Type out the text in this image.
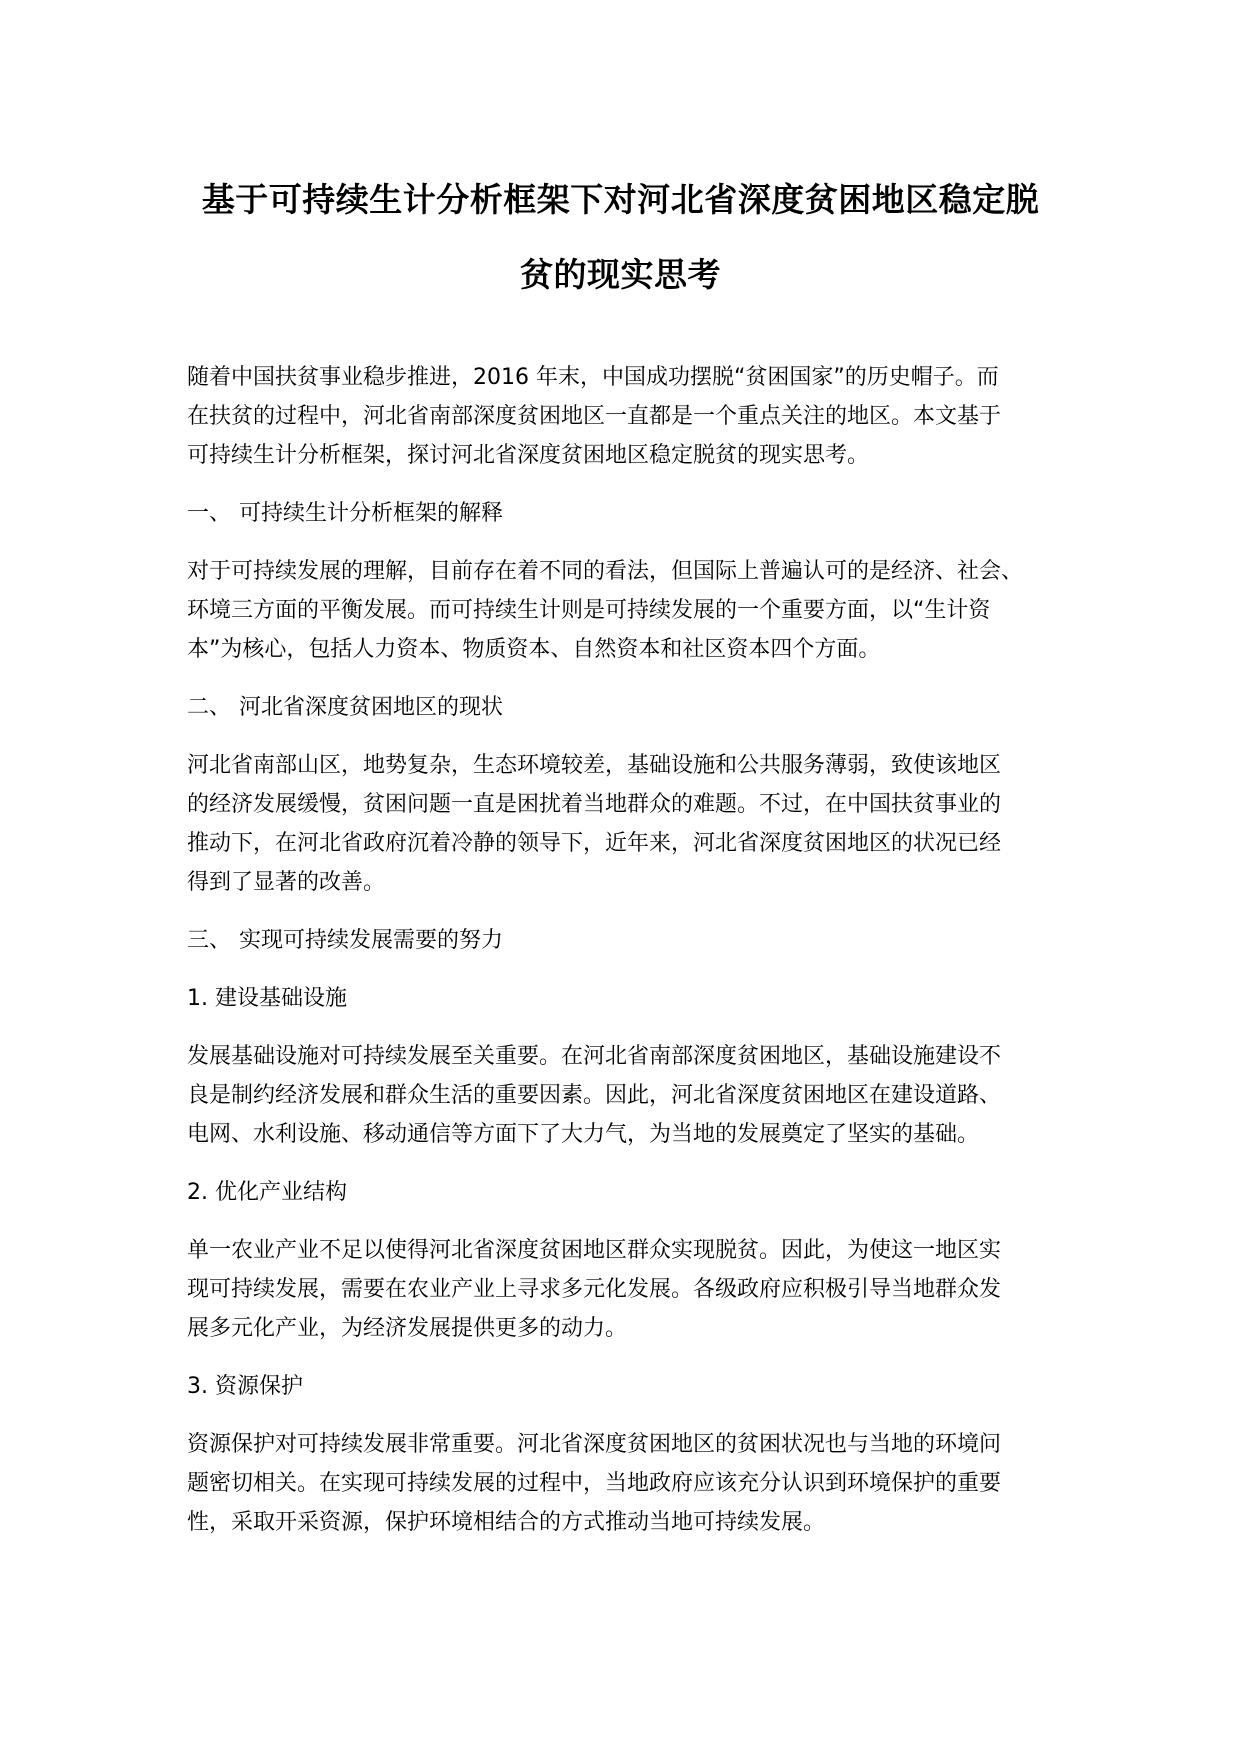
基于可持续生计分析框架下对河北省深度贫困地区稳定脱
贫的现实思考

随着中国扶贫事业稳步推进，2016 年末，中国成功摆脱“贫困国家”的历史帽子。而
在扶贫的过程中，河北省南部深度贫困地区一直都是一个重点关注的地区。本文基于
可持续生计分析框架，探讨河北省深度贫困地区稳定脱贫的现实思考。

一、 可持续生计分析框架的解释

对于可持续发展的理解，目前存在着不同的看法，但国际上普遍认可的是经济、社会、
环境三方面的平衡发展。而可持续生计则是可持续发展的一个重要方面，以“生计资
本”为核心，包括人力资本、物质资本、自然资本和社区资本四个方面。

二、 河北省深度贫困地区的现状

河北省南部山区，地势复杂，生态环境较差，基础设施和公共服务薄弱，致使该地区
的经济发展缓慢，贫困问题一直是困扰着当地群众的难题。不过，在中国扶贫事业的
推动下，在河北省政府沉着冷静的领导下，近年来，河北省深度贫困地区的状况已经
得到了显著的改善。

三、 实现可持续发展需要的努力
1. 建设基础设施

发展基础设施对可持续发展至关重要。在河北省南部深度贫困地区，基础设施建设不
良是制约经济发展和群众生活的重要因素。因此，河北省深度贫困地区在建设道路、
电网、水利设施、移动通信等方面下了大力气，为当地的发展奠定了坚实的基础。

2. 优化产业结构

单一农业产业不足以使得河北省深度贫困地区群众实现脱贫。因此，为使这一地区实
现可持续发展，需要在农业产业上寻求多元化发展。各级政府应积极引导当地群众发
展多元化产业，为经济发展提供更多的动力。

3. 资源保护

资源保护对可持续发展非常重要。河北省深度贫困地区的贫困状况也与当地的环境问
题密切相关。在实现可持续发展的过程中，当地政府应该充分认识到环境保护的重要
性，采取开采资源，保护环境相结合的方式推动当地可持续发展。
